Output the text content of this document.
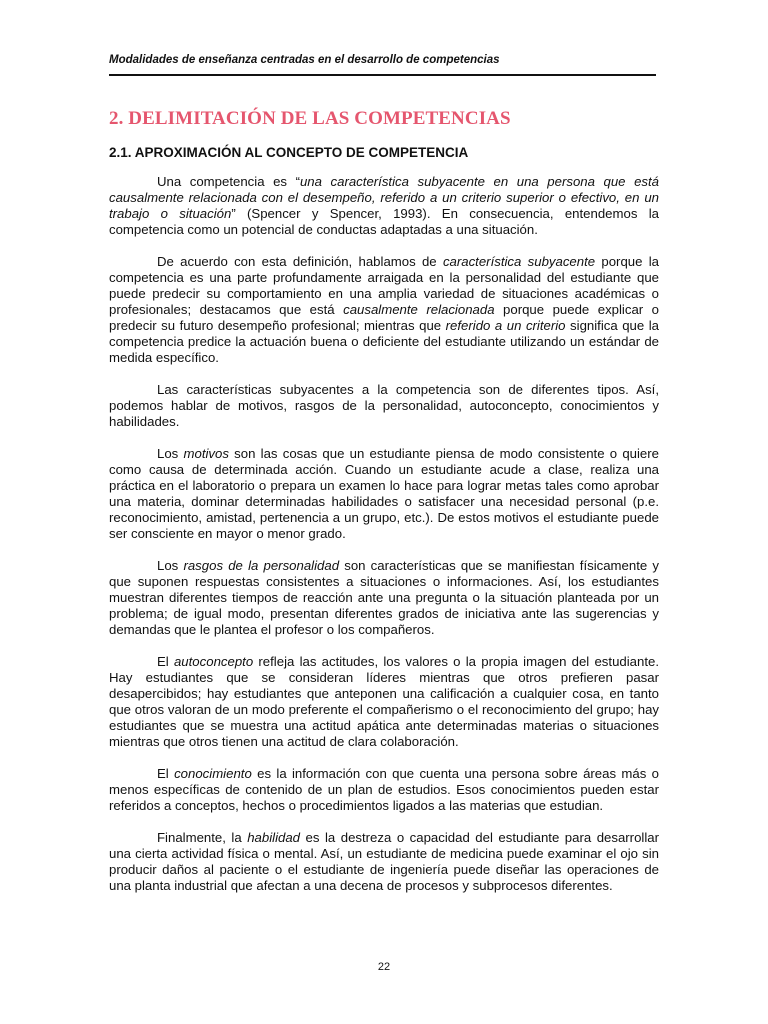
Modalidades de enseñanza centradas en el desarrollo de competencias
2. DELIMITACIÓN DE LAS COMPETENCIAS
2.1. APROXIMACIÓN AL CONCEPTO DE COMPETENCIA

Una competencia es “una característica subyacente en una persona que está causalmente relacionada con el desempeño, referido a un criterio superior o efectivo, en un trabajo o situación” (Spencer y Spencer, 1993). En consecuencia, entendemos la competencia como un potencial de conductas adaptadas a una situación.

De acuerdo con esta definición, hablamos de característica subyacente porque la competencia es una parte profundamente arraigada en la personalidad del estudiante que puede predecir su comportamiento en una amplia variedad de situaciones académicas o profesionales; destacamos que está causalmente relacionada porque puede explicar o predecir su futuro desempeño profesional; mientras que referido a un criterio significa que la competencia predice la actuación buena o deficiente del estudiante utilizando un estándar de medida específico.

Las características subyacentes a la competencia son de diferentes tipos. Así, podemos hablar de motivos, rasgos de la personalidad, autoconcepto, conocimientos y habilidades.

Los motivos son las cosas que un estudiante piensa de modo consistente o quiere como causa de determinada acción. Cuando un estudiante acude a clase, realiza una práctica en el laboratorio o prepara un examen lo hace para lograr metas tales como aprobar una materia, dominar determinadas habilidades o satisfacer una necesidad personal (p.e. reconocimiento, amistad, pertenencia a un grupo, etc.). De estos motivos el estudiante puede ser consciente en mayor o menor grado.

Los rasgos de la personalidad son características que se manifiestan físicamente y que suponen respuestas consistentes a situaciones o informaciones. Así, los estudiantes muestran diferentes tiempos de reacción ante una pregunta o la situación planteada por un problema; de igual modo, presentan diferentes grados de iniciativa ante las sugerencias y demandas que le plantea el profesor o los compañeros.

El autoconcepto refleja las actitudes, los valores o la propia imagen del estudiante. Hay estudiantes que se consideran líderes mientras que otros prefieren pasar desapercibidos; hay estudiantes que anteponen una calificación a cualquier cosa, en tanto que otros valoran de un modo preferente el compañerismo o el reconocimiento del grupo; hay estudiantes que se muestra una actitud apática ante determinadas materias o situaciones mientras que otros tienen una actitud de clara colaboración.

El conocimiento es la información con que cuenta una persona sobre áreas más o menos específicas de contenido de un plan de estudios. Esos conocimientos pueden estar referidos a conceptos, hechos o procedimientos ligados a las materias que estudian.

Finalmente, la habilidad es la destreza o capacidad del estudiante para desarrollar una cierta actividad física o mental. Así, un estudiante de medicina puede examinar el ojo sin producir daños al paciente o el estudiante de ingeniería puede diseñar las operaciones de una planta industrial que afectan a una decena de procesos y subprocesos diferentes.

22
